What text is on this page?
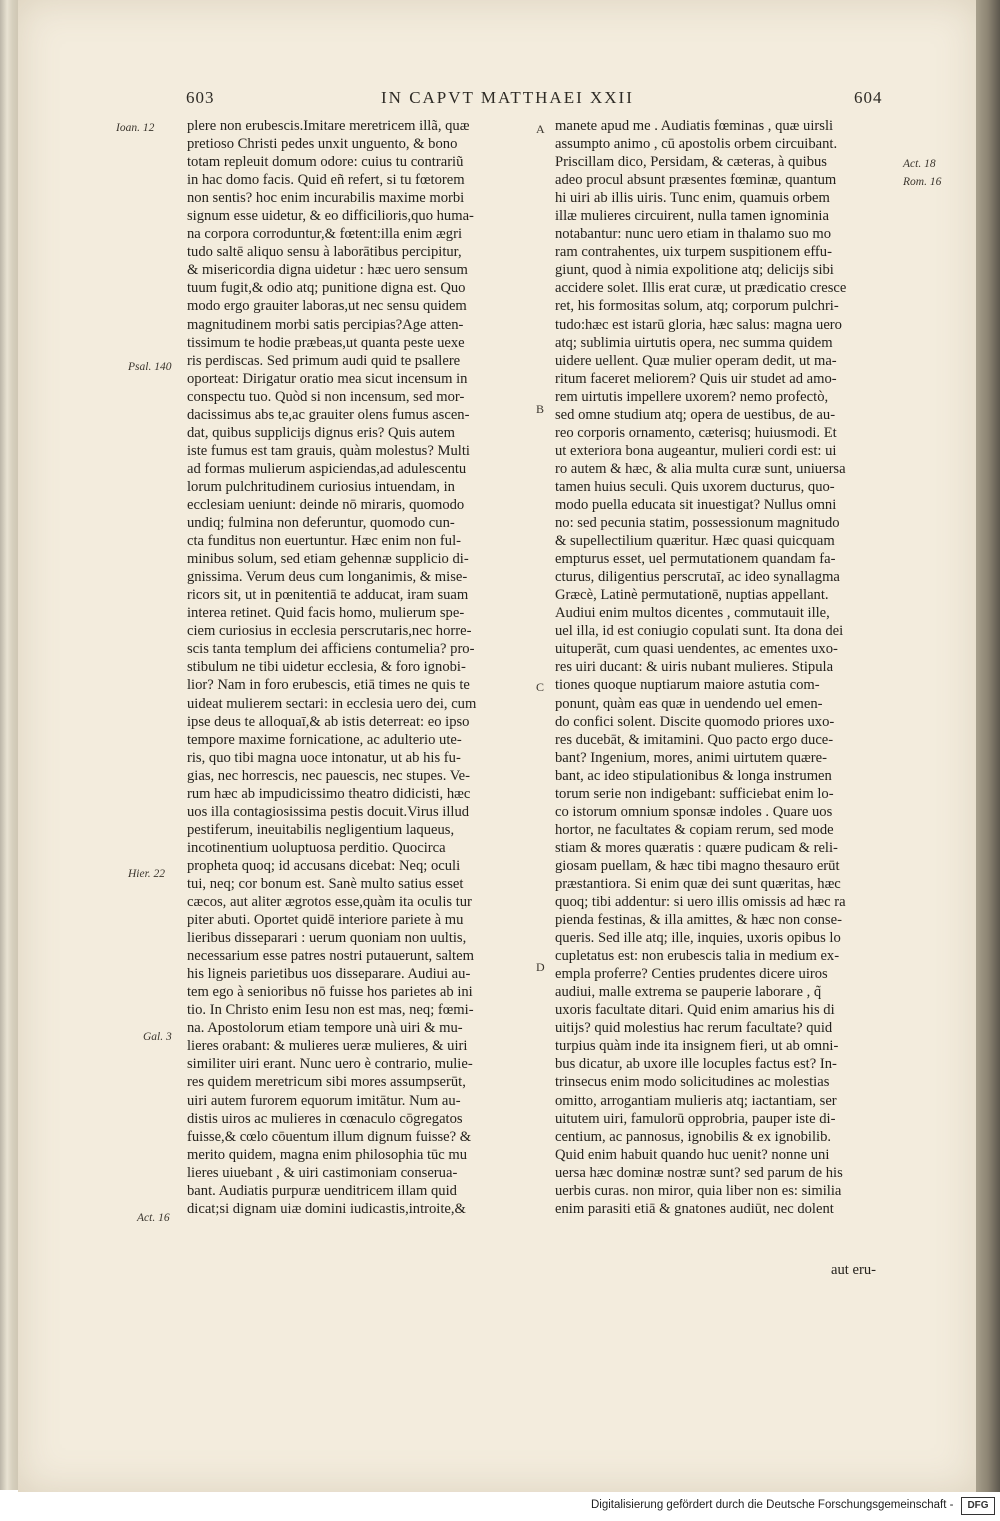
603	IN CAPVT MATTHAEI XXII	604
plere non erubescis.Imitare meretricem illã, quæ
pretioso Christi pedes unxit unguento, & bono
totam repleuit domum odore: cuius tu contrariũ
in hac domo facis. Quid eñ refert, si tu fœtorem
non sentis? hoc enim incurabilis maxime morbi
signum esse uidetur, & eo difficilioris,quo huma-
na corpora corroduntur,& fœtent:illa enim ægri
tudo saltē aliquo sensu à laborātibus percipitur,
& misericordia digna uidetur : hæc uero sensum
tuum fugit,& odio atq; punitione digna est. Quo
modo ergo grauiter laboras,ut nec sensu quidem
magnitudinem morbi satis percipias?Age atten-
tissimum te hodie præbeas,ut quanta peste uexe
ris perdiscas. Sed primum audi quid te psallere
oporteat: Dirigatur oratio mea sicut incensum in
conspectu tuo. Quòd si non incensum, sed mor-
dacissimus abs te,ac grauiter olens fumus ascen-
dat, quibus supplicijs dignus eris? Quis autem
iste fumus est tam grauis, quàm molestus? Multi
ad formas mulierum aspiciendas,ad adulescentu
lorum pulchritudinem curiosius intuendam, in
ecclesiam ueniunt: deinde nō miraris, quomodo
undiq; fulmina non deferuntur, quomodo cun-
cta funditus non euertuntur. Hæc enim non ful-
minibus solum, sed etiam gehennæ supplicio di-
gnissima. Verum deus cum longanimis, & mise-
ricors sit, ut in pœnitentiā te adducat, iram suam
interea retinet. Quid facis homo, mulierum spe-
ciem curiosius in ecclesia perscrutaris,nec horre-
scis tanta templum dei afficiens contumelia? pro-
stibulum ne tibi uidetur ecclesia, & foro ignobi-
lior? Nam in foro erubescis, etiā times ne quis te
uideat mulierem sectari: in ecclesia uero dei, cum
ipse deus te alloquaī,& ab istis deterreat: eo ipso
tempore maxime fornicatione, ac adulterio ute-
ris, quo tibi magna uoce intonatur, ut ab his fu-
gias, nec horrescis, nec pauescis, nec stupes. Ve-
rum hæc ab impudicissimo theatro didicisti, hæc
uos illa contagiosissima pestis docuit.Virus illud
pestiferum, ineuitabilis negligentium laqueus,
incotinentium uoluptuosa perditio. Quocirca
propheta quoq; id accusans dicebat: Neq; oculi
tui, neq; cor bonum est. Sanè multo satius esset
cæcos, aut aliter ægrotos esse,quàm ita oculis tur
piter abuti. Oportet quidē interiore pariete à mu
lieribus disseparari : uerum quoniam non uultis,
necessarium esse patres nostri putauerunt, saltem
his ligneis parietibus uos disseparare. Audiui au-
tem ego à senioribus nō fuisse hos parietes ab ini
tio. In Christo enim Iesu non est mas, neq; fœmi-
na. Apostolorum etiam tempore unà uiri & mu-
lieres orabant: & mulieres ueræ mulieres, & uiri
similiter uiri erant. Nunc uero è contrario, mulie-
res quidem meretricum sibi mores assumpserūt,
uiri autem furorem equorum imitātur. Num au-
distis uiros ac mulieres in cœnaculo cōgregatos
fuisse,& cœlo cōuentum illum dignum fuisse? &
merito quidem, magna enim philosophia tūc mu
lieres uiuebant , & uiri castimoniam conserua-
bant. Audiatis purpuræ uenditricem illam quid
dicat;si dignam uiæ domini iudicastis,introite,&
manete apud me . Audiatis fœminas , quæ uirsli
assumpto animo , cū apostolis orbem circuibant.
Priscillam dico, Persidam, & cæteras, à quibus
adeo procul absunt præsentes fœminæ, quantum
hi uiri ab illis uiris. Tunc enim, quamuis orbem
illæ mulieres circuirent, nulla tamen ignominia
notabantur: nunc uero etiam in thalamo suo mo
ram contrahentes, uix turpem suspitionem effu-
giunt, quod à nimia expolitione atq; delicijs sibi
accidere solet. Illis erat curæ, ut prædicatio cresce
ret, his formositas solum, atq; corporum pulchri-
tudo:hæc est istarū gloria, hæc salus: magna uero
atq; sublimia uirtutis opera, nec summa quidem
uidere uellent. Quæ mulier operam dedit, ut ma-
ritum faceret meliorem? Quis uir studet ad amo-
rem uirtutis impellere uxorem? nemo profectò,
sed omne studium atq; opera de uestibus, de au-
reo corporis ornamento, cæterisq; huiusmodi. Et
ut exteriora bona augeantur, mulieri cordi est: ui
ro autem & hæc, & alia multa curæ sunt, uniuersa
tamen huius seculi. Quis uxorem ducturus, quo-
modo puella educata sit inuestigat? Nullus omni
no: sed pecunia statim, possessionum magnitudo
& supellectilium quæritur. Hæc quasi quicquam
empturus esset, uel permutationem quandam fa-
cturus, diligentius perscrutaī, ac ideo synallagma
Græcè, Latinè permutationē, nuptias appellant.
Audiui enim multos dicentes , commutauit ille,
uel illa, id est coniugio copulati sunt. Ita dona dei
uituperāt, cum quasi uendentes, ac ementes uxo-
res uiri ducant: & uiris nubant mulieres. Stipula
tiones quoque nuptiarum maiore astutia com-
ponunt, quàm eas quæ in uendendo uel emen-
do confici solent. Discite quomodo priores uxo-
res ducebāt, & imitamini. Quo pacto ergo duce-
bant? Ingenium, mores, animi uirtutem quære-
bant, ac ideo stipulationibus & longa instrumen
torum serie non indigebant: sufficiebat enim lo-
co istorum omnium sponsæ indoles . Quare uos
hortor, ne facultates & copiam rerum, sed mode
stiam & mores quæratis : quære pudicam & reli-
giosam puellam, & hæc tibi magno thesauro erūt
præstantiora. Si enim quæ dei sunt quæritas, hæc
quoq; tibi addentur: si uero illis omissis ad hæc ra
pienda festinas, & illa amittes, & hæc non conse-
queris. Sed ille atq; ille, inquies, uxoris opibus lo
cupletatus est: non erubescis talia in medium ex-
empla proferre? Centies prudentes dicere uiros
audiui, malle extrema se pauperie laborare , q̃
uxoris facultate ditari. Quid enim amarius his di
uitijs? quid molestius hac rerum facultate? quid
turpius quàm inde ita insignem fieri, ut ab omni-
bus dicatur, ab uxore ille locuples factus est? In-
trinsecus enim modo solicitudines ac molestias
omitto, arrogantiam mulieris atq; iactantiam, ser
uitutem uiri, famulorū opprobria, pauper iste di-
centium, ac pannosus, ignobilis & ex ignobilib.
Quid enim habuit quando huc uenit? nonne uni
uersa hæc dominæ nostræ sunt? sed parum de his
uerbis curas. non miror, quia liber non es: similia
enim parasiti etiā & gnatones audiūt, nec dolent
Ioan. 12
Psal. 140
Hier. 22
Gal. 3
Act. 16
Act. 18
Rom. 16
A
B
C
D
aut eru-
Digitalisierung gefördert durch die Deutsche Forschungsgemeinschaft -	DFG
